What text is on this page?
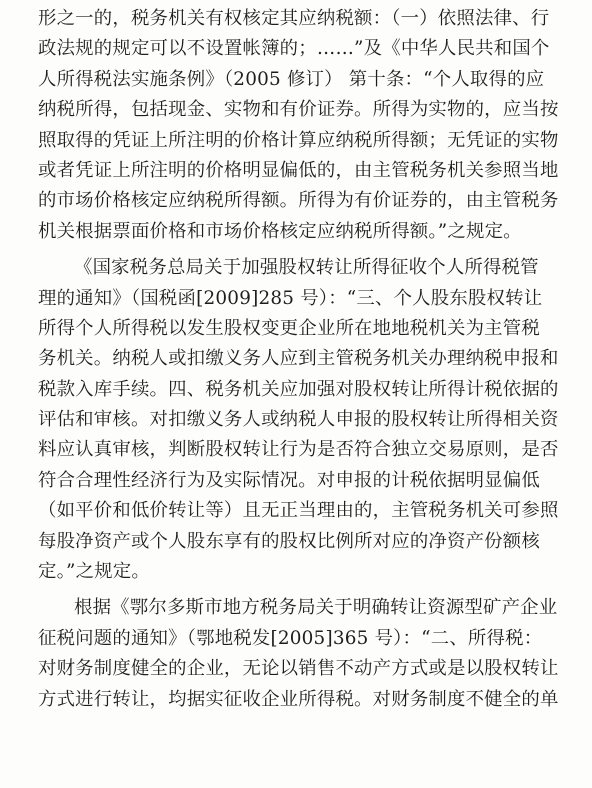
形之一的，税务机关有权核定其应纳税额：（一）依照法律、行
政法规的规定可以不设置帐簿的；……”及《中华人民共和国个
人所得税法实施条例》（2005 修订） 第十条：“个人取得的应
纳税所得，包括现金、实物和有价证券。所得为实物的，应当按
照取得的凭证上所注明的价格计算应纳税所得额；无凭证的实物
或者凭证上所注明的价格明显偏低的，由主管税务机关参照当地
的市场价格核定应纳税所得额。所得为有价证券的，由主管税务
机关根据票面价格和市场价格核定应纳税所得额。”之规定。
《国家税务总局关于加强股权转让所得征收个人所得税管
理的通知》（国税函[2009]285 号）：“三、个人股东股权转让
所得个人所得税以发生股权变更企业所在地地税机关为主管税
务机关。纳税人或扣缴义务人应到主管税务机关办理纳税申报和
税款入库手续。四、税务机关应加强对股权转让所得计税依据的
评估和审核。对扣缴义务人或纳税人申报的股权转让所得相关资
料应认真审核，判断股权转让行为是否符合独立交易原则，是否
符合合理性经济行为及实际情况。对申报的计税依据明显偏低
（如平价和低价转让等）且无正当理由的，主管税务机关可参照
每股净资产或个人股东享有的股权比例所对应的净资产份额核
定。”之规定。
根据《鄂尔多斯市地方税务局关于明确转让资源型矿产企业
征税问题的通知》（鄂地税发[2005]365 号）：“二、所得税：
对财务制度健全的企业，无论以销售不动产方式或是以股权转让
方式进行转让，均据实征收企业所得税。对财务制度不健全的单
